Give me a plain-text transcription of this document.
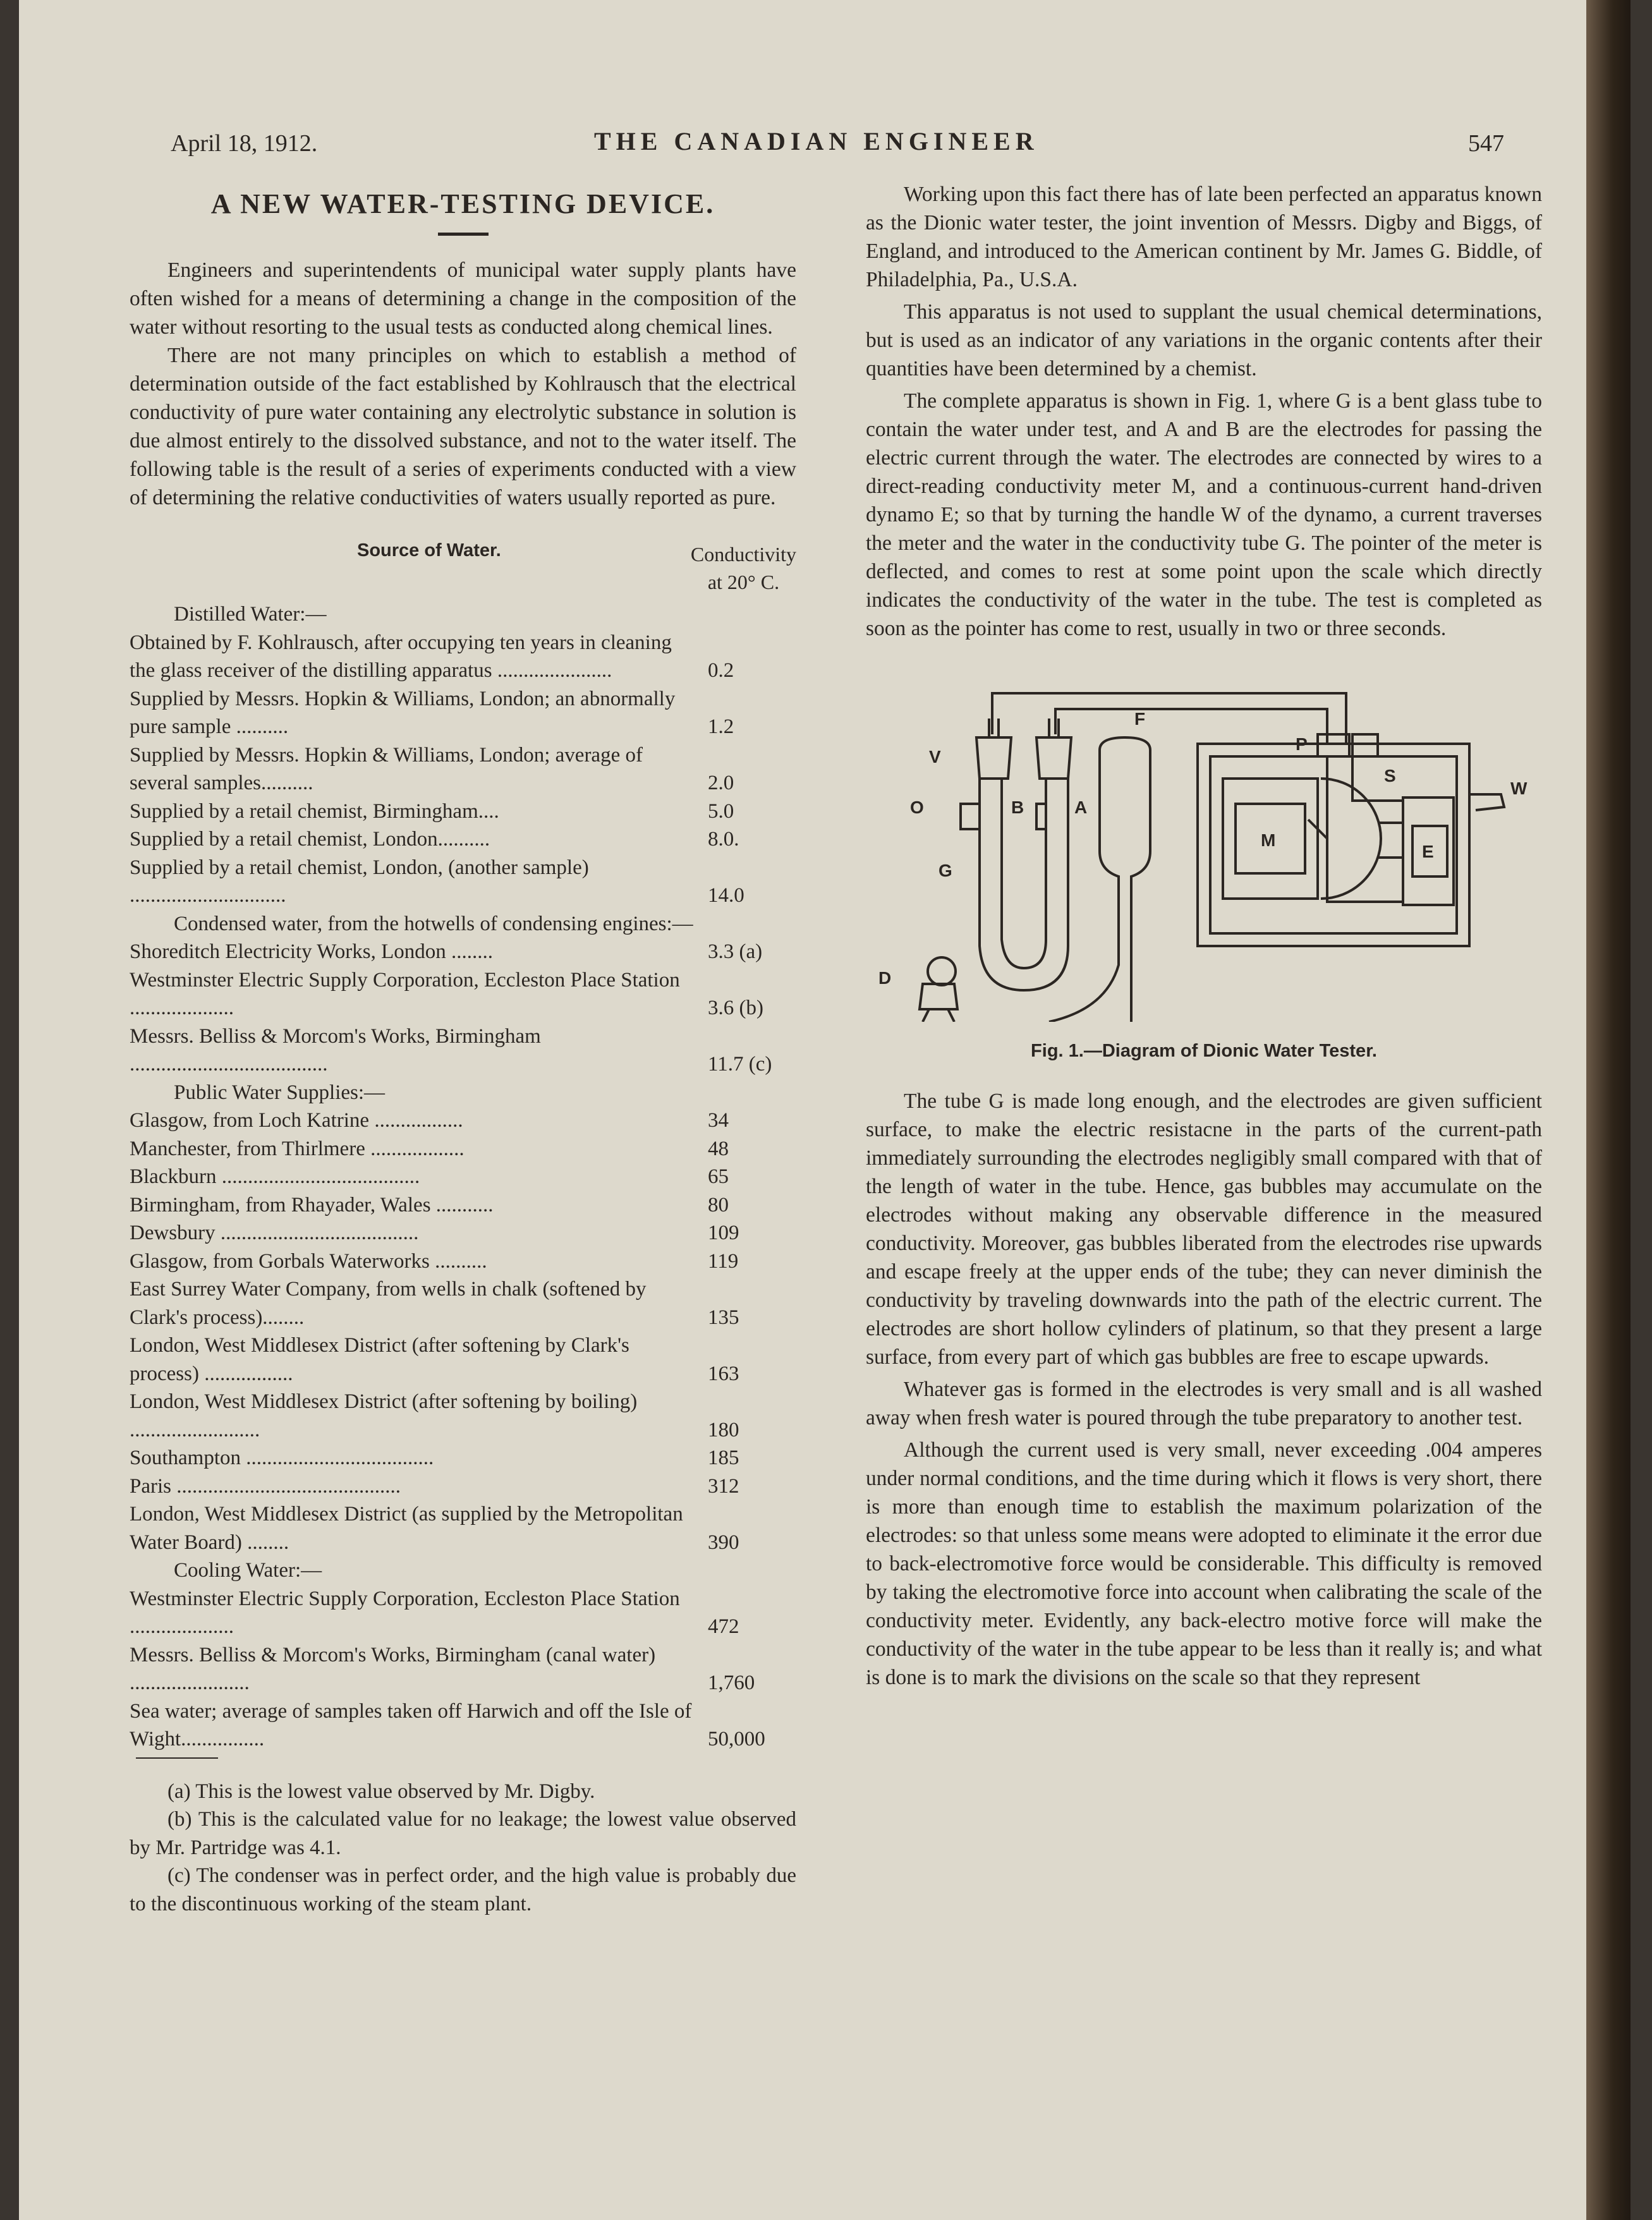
April 18, 1912.	THE CANADIAN ENGINEER	547
A NEW WATER-TESTING DEVICE.

Engineers and superintendents of municipal water supply plants have often wished for a means of determining a change in the composition of the water without resorting to the usual tests as conducted along chemical lines.

There are not many principles on which to establish a method of determination outside of the fact established by Kohlrausch that the electrical conductivity of pure water containing any electrolytic substance in solution is due almost entirely to the dissolved substance, and not to the water itself. The following table is the result of a series of experiments conducted with a view of determining the relative conductivities of waters usually reported as pure.

Source of Water.	Conductivity
at 20° C.
Distilled Water:—
Obtained by F. Kohlrausch, after occupying ten years in cleaning the glass receiver of the distilling apparatus ......................	0.2
Supplied by Messrs. Hopkin & Williams, London; an abnormally pure sample ..........	1.2
Supplied by Messrs. Hopkin & Williams, London; average of several samples..........	2.0
Supplied by a retail chemist, Birmingham....	5.0
Supplied by a retail chemist, London..........	8.0.
Supplied by a retail chemist, London, (another sample) ..............................	14.0
Condensed water, from the hotwells of condensing engines:—
Shoreditch Electricity Works, London ........	3.3 (a)
Westminster Electric Supply Corporation, Eccleston Place Station ....................	3.6 (b)
Messrs. Belliss & Morcom's Works, Birmingham ......................................	11.7 (c)
Public Water Supplies:—
Glasgow, from Loch Katrine .................	34
Manchester, from Thirlmere ..................	48
Blackburn ......................................	65
Birmingham, from Rhayader, Wales ...........	80
Dewsbury ......................................	109
Glasgow, from Gorbals Waterworks ..........	119
East Surrey Water Company, from wells in chalk (softened by Clark's process)........	135
London, West Middlesex District (after softening by Clark's process) .................	163
London, West Middlesex District (after softening by boiling) .........................	180
Southampton ....................................	185
Paris ...........................................	312
London, West Middlesex District (as supplied by the Metropolitan Water Board) ........	390
Cooling Water:—
Westminster Electric Supply Corporation, Eccleston Place Station ....................	472
Messrs. Belliss & Morcom's Works, Birmingham (canal water) .......................	1,760
Sea water; average of samples taken off Harwich and off the Isle of Wight................	50,000

(a) This is the lowest value observed by Mr. Digby.

(b) This is the calculated value for no leakage; the lowest value observed by Mr. Partridge was 4.1.

(c) The condenser was in perfect order, and the high value is probably due to the discontinuous working of the steam plant.

Working upon this fact there has of late been perfected an apparatus known as the Dionic water tester, the joint invention of Messrs. Digby and Biggs, of England, and introduced to the American continent by Mr. James G. Biddle, of Philadelphia, Pa., U.S.A.

This apparatus is not used to supplant the usual chemical determinations, but is used as an indicator of any variations in the organic contents after their quantities have been determined by a chemist.

The complete apparatus is shown in Fig. 1, where G is a bent glass tube to contain the water under test, and A and B are the electrodes for passing the electric current through the water. The electrodes are connected by wires to a direct-reading conductivity meter M, and a continuous-current hand-driven dynamo E; so that by turning the handle W of the dynamo, a current traverses the meter and the water in the conductivity tube G. The pointer of the meter is deflected, and comes to rest at some point upon the scale which directly indicates the conductivity of the water in the tube. The test is completed as soon as the pointer has come to rest, usually in two or three seconds.

V
O	B	A
F
G
D
P
S
W
M
E
Fig. 1.—Diagram of Dionic Water Tester.

The tube G is made long enough, and the electrodes are given sufficient surface, to make the electric resistacne in the parts of the current-path immediately surrounding the electrodes negligibly small compared with that of the length of water in the tube. Hence, gas bubbles may accumulate on the electrodes without making any observable difference in the measured conductivity. Moreover, gas bubbles liberated from the electrodes rise upwards and escape freely at the upper ends of the tube; they can never diminish the conductivity by traveling downwards into the path of the electric current. The electrodes are short hollow cylinders of platinum, so that they present a large surface, from every part of which gas bubbles are free to escape upwards.

Whatever gas is formed in the electrodes is very small and is all washed away when fresh water is poured through the tube preparatory to another test.

Although the current used is very small, never exceeding .004 amperes under normal conditions, and the time during which it flows is very short, there is more than enough time to establish the maximum polarization of the electrodes: so that unless some means were adopted to eliminate it the error due to back-electromotive force would be considerable. This difficulty is removed by taking the electromotive force into account when calibrating the scale of the conductivity meter. Evidently, any back-electro motive force will make the conductivity of the water in the tube appear to be less than it really is; and what is done is to mark the divisions on the scale so that they represent
